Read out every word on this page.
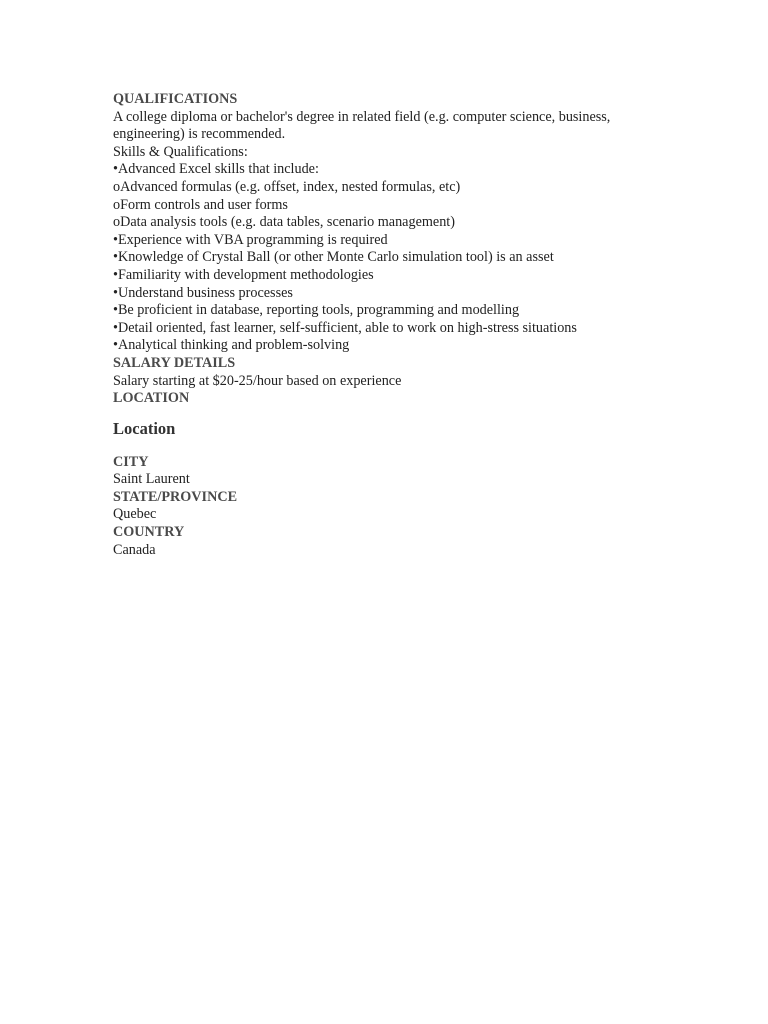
QUALIFICATIONS
A college diploma or bachelor's degree in related field (e.g. computer science, business, engineering) is recommended.
Skills & Qualifications:
•Advanced Excel skills that include:
oAdvanced formulas (e.g. offset, index, nested formulas, etc)
oForm controls and user forms
oData analysis tools (e.g. data tables, scenario management)
•Experience with VBA programming is required
•Knowledge of Crystal Ball (or other Monte Carlo simulation tool) is an asset
•Familiarity with development methodologies
•Understand business processes
•Be proficient in database, reporting tools, programming and modelling
•Detail oriented, fast learner, self-sufficient, able to work on high-stress situations
•Analytical thinking and problem-solving
SALARY DETAILS
Salary starting at $20-25/hour based on experience
LOCATION
Location
CITY
Saint Laurent
STATE/PROVINCE
Quebec
COUNTRY
Canada
